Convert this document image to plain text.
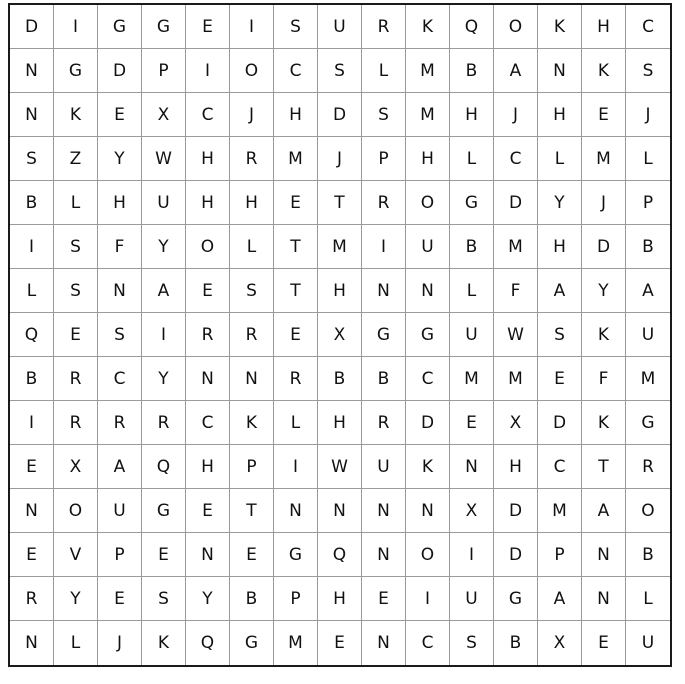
D	I	G	G	E	I	S	U	R	K	Q	O	K	H	C
N	G	D	P	I	O	C	S	L	M	B	A	N	K	S
N	K	E	X	C	J	H	D	S	M	H	J	H	E	J
S	Z	Y	W	H	R	M	J	P	H	L	C	L	M	L
B	L	H	U	H	H	E	T	R	O	G	D	Y	J	P
I	S	F	Y	O	L	T	M	I	U	B	M	H	D	B
L	S	N	A	E	S	T	H	N	N	L	F	A	Y	A
Q	E	S	I	R	R	E	X	G	G	U	W	S	K	U
B	R	C	Y	N	N	R	B	B	C	M	M	E	F	M
I	R	R	R	C	K	L	H	R	D	E	X	D	K	G
E	X	A	Q	H	P	I	W	U	K	N	H	C	T	R
N	O	U	G	E	T	N	N	N	N	X	D	M	A	O
E	V	P	E	N	E	G	Q	N	O	I	D	P	N	B
R	Y	E	S	Y	B	P	H	E	I	U	G	A	N	L
N	L	J	K	Q	G	M	E	N	C	S	B	X	E	U
